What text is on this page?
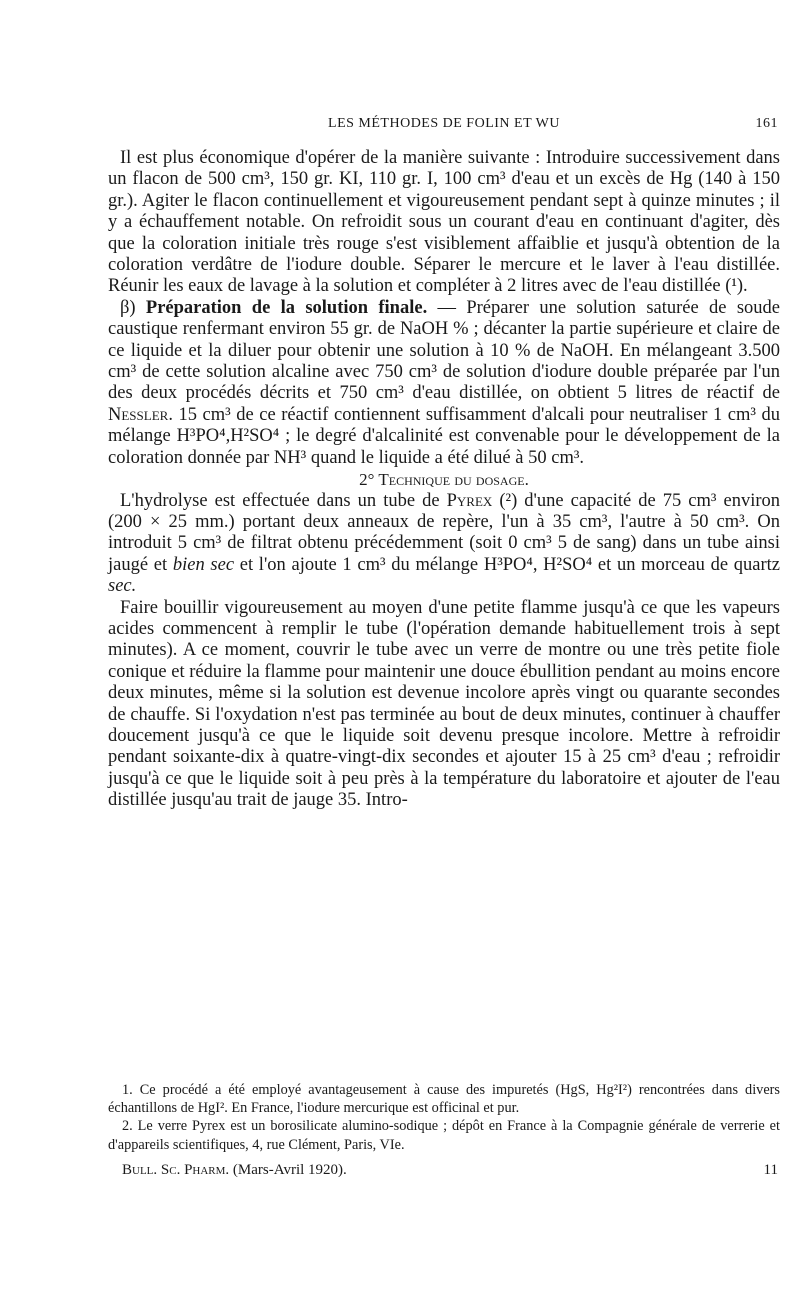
LES MÉTHODES DE FOLIN ET WU	161

Il est plus économique d'opérer de la manière suivante : Introduire successivement dans un flacon de 500 cm³, 150 gr. KI, 110 gr. I, 100 cm³ d'eau et un excès de Hg (140 à 150 gr.). Agiter le flacon continuellement et vigoureusement pendant sept à quinze minutes ; il y a échauffement notable. On refroidit sous un courant d'eau en continuant d'agiter, dès que la coloration initiale très rouge s'est visiblement affaiblie et jusqu'à obtention de la coloration verdâtre de l'iodure double. Séparer le mercure et le laver à l'eau distillée. Réunir les eaux de lavage à la solution et compléter à 2 litres avec de l'eau distillée (¹).

β) Préparation de la solution finale. — Préparer une solution saturée de soude caustique renfermant environ 55 gr. de NaOH % ; décanter la partie supérieure et claire de ce liquide et la diluer pour obtenir une solution à 10 % de NaOH. En mélangeant 3.500 cm³ de cette solution alcaline avec 750 cm³ de solution d'iodure double préparée par l'un des deux procédés décrits et 750 cm³ d'eau distillée, on obtient 5 litres de réactif de Nessler. 15 cm³ de ce réactif contiennent suffisamment d'alcali pour neutraliser 1 cm³ du mélange H³PO⁴,H²SO⁴ ; le degré d'alcalinité est convenable pour le développement de la coloration donnée par NH³ quand le liquide a été dilué à 50 cm³.

2° Technique du dosage.

L'hydrolyse est effectuée dans un tube de Pyrex (²) d'une capacité de 75 cm³ environ (200 × 25 mm.) portant deux anneaux de repère, l'un à 35 cm³, l'autre à 50 cm³. On introduit 5 cm³ de filtrat obtenu précédemment (soit 0 cm³ 5 de sang) dans un tube ainsi jaugé et bien sec et l'on ajoute 1 cm³ du mélange H³PO⁴, H²SO⁴ et un morceau de quartz sec.

Faire bouillir vigoureusement au moyen d'une petite flamme jusqu'à ce que les vapeurs acides commencent à remplir le tube (l'opération demande habituellement trois à sept minutes). A ce moment, couvrir le tube avec un verre de montre ou une très petite fiole conique et réduire la flamme pour maintenir une douce ébullition pendant au moins encore deux minutes, même si la solution est devenue incolore après vingt ou quarante secondes de chauffe. Si l'oxydation n'est pas terminée au bout de deux minutes, continuer à chauffer doucement jusqu'à ce que le liquide soit devenu presque incolore. Mettre à refroidir pendant soixante-dix à quatre-vingt-dix secondes et ajouter 15 à 25 cm³ d'eau ; refroidir jusqu'à ce que le liquide soit à peu près à la température du laboratoire et ajouter de l'eau distillée jusqu'au trait de jauge 35. Intro-

1. Ce procédé a été employé avantageusement à cause des impuretés (HgS, Hg²I²) rencontrées dans divers échantillons de HgI². En France, l'iodure mercurique est officinal et pur.

2. Le verre Pyrex est un borosilicate alumino-sodique ; dépôt en France à la Compagnie générale de verrerie et d'appareils scientifiques, 4, rue Clément, Paris, VIe.

Bull. Sc. Pharm. (Mars-Avril 1920).	11
